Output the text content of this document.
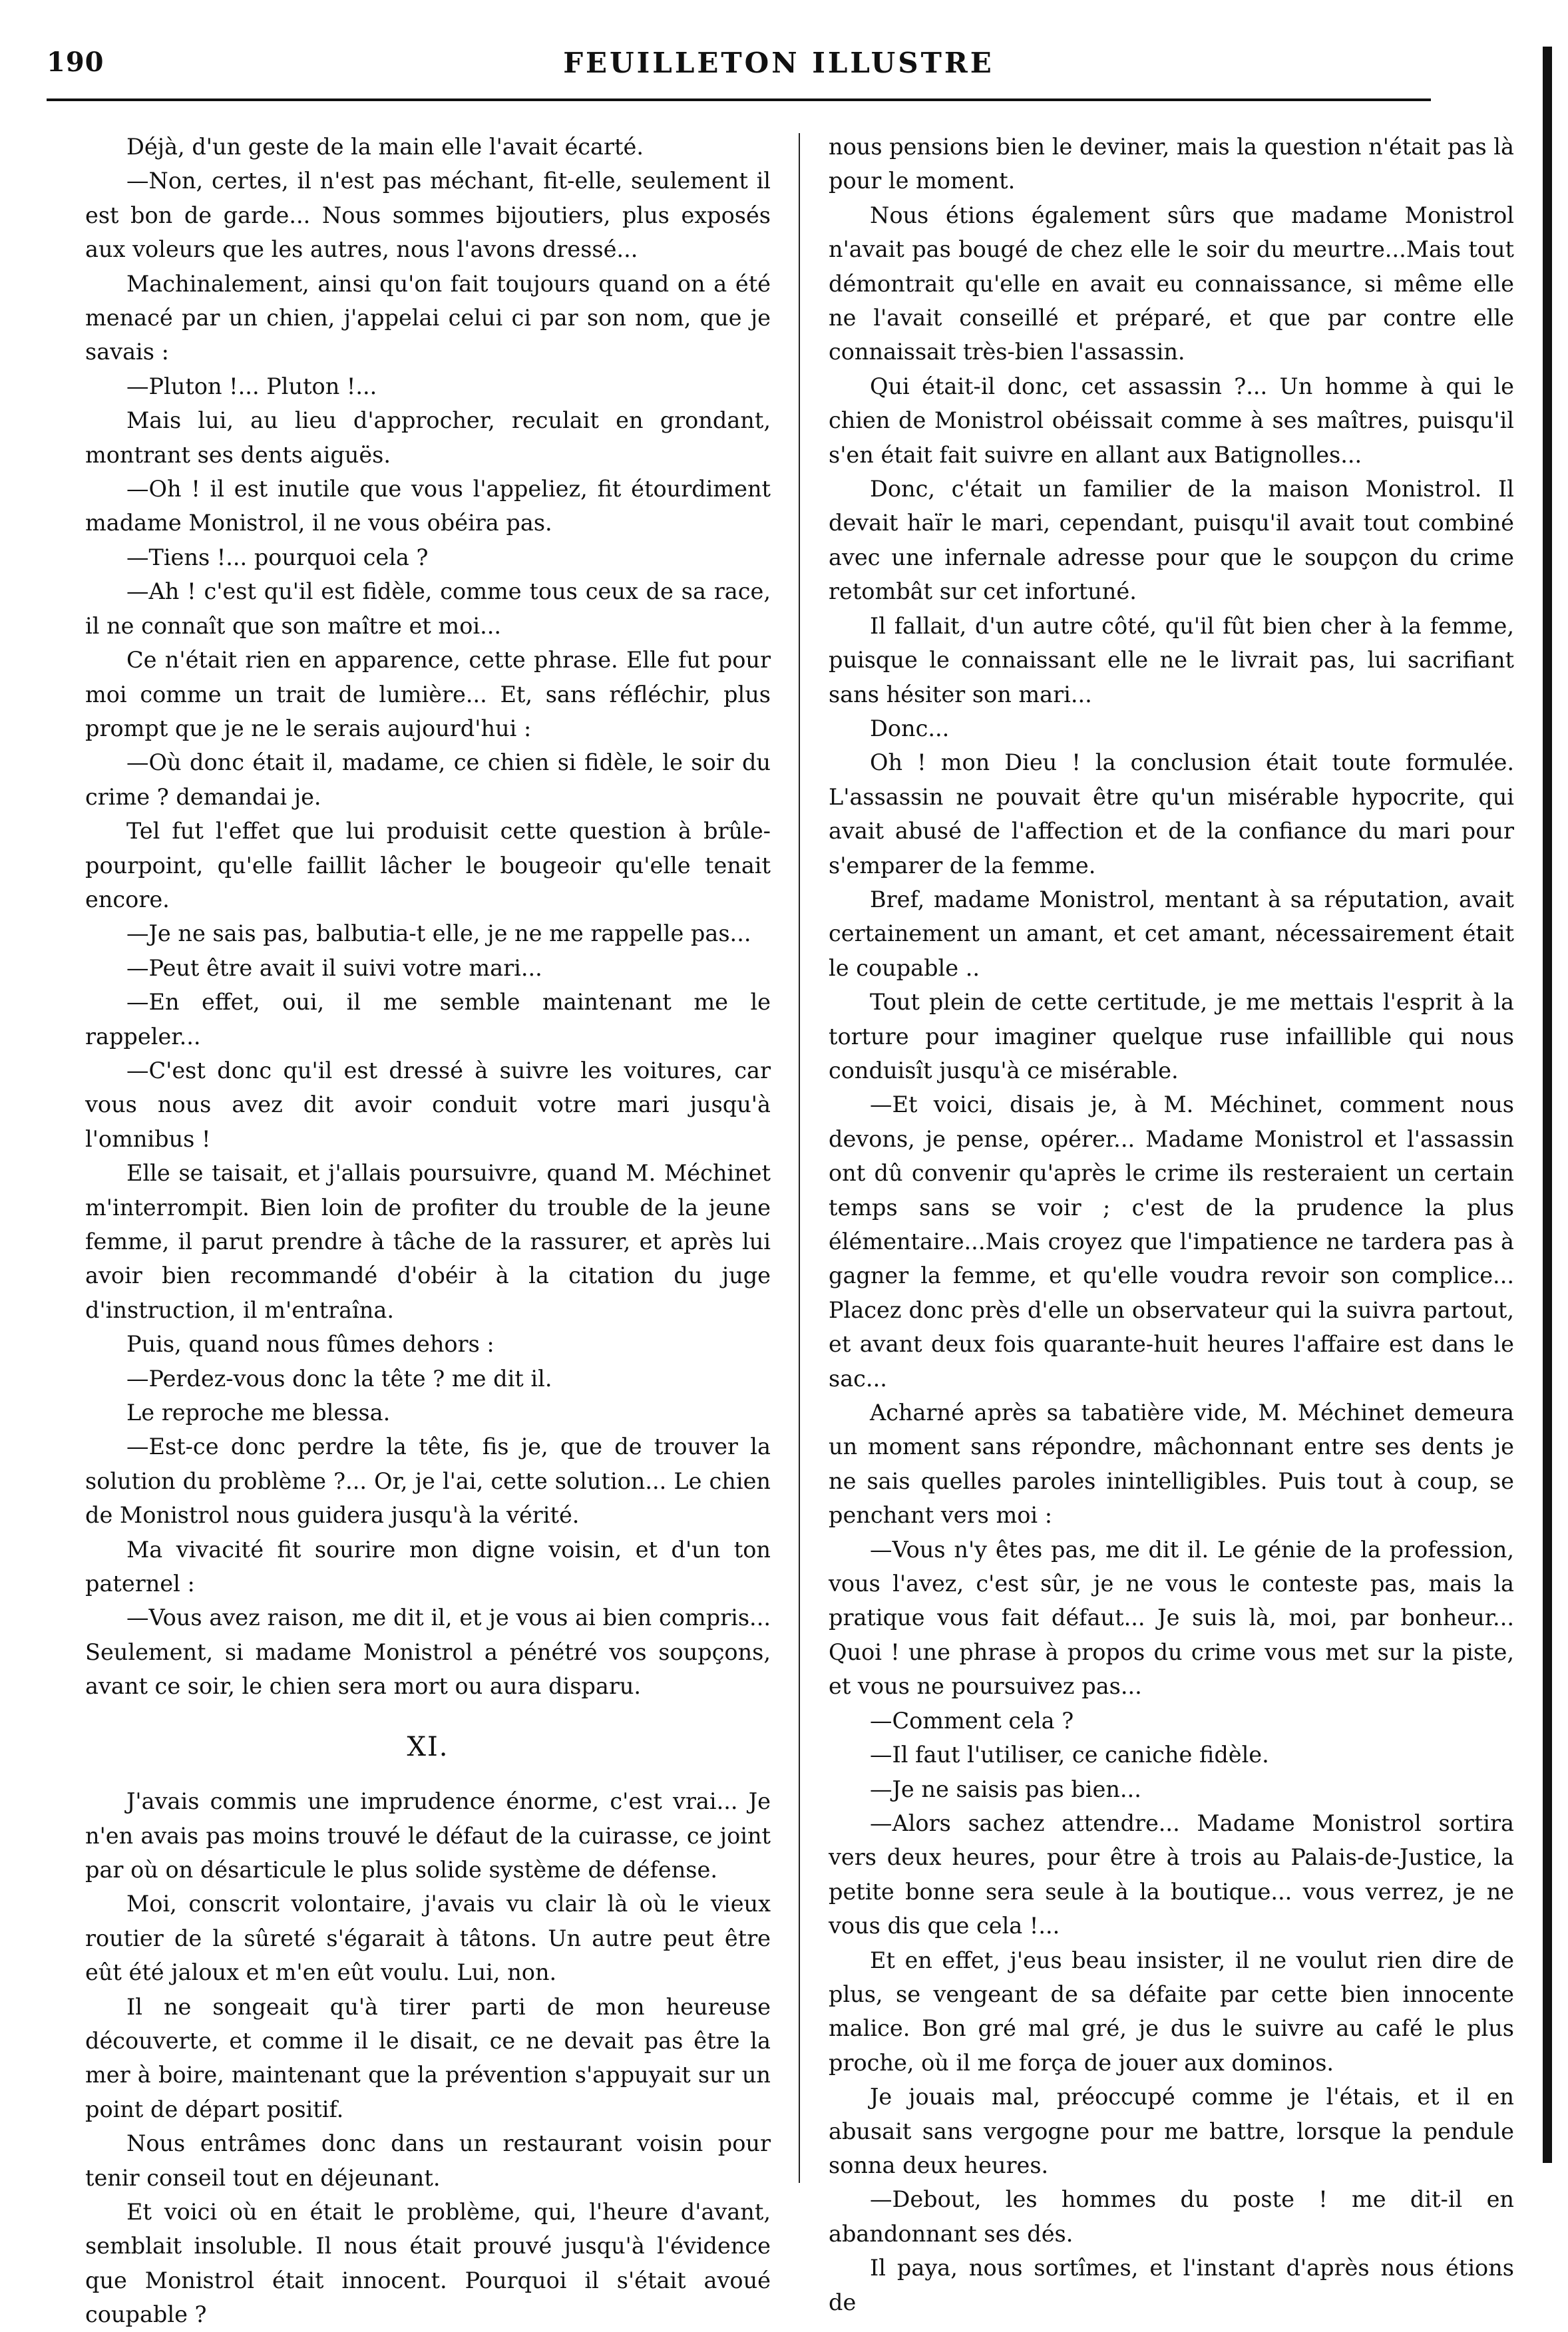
190	FEUILLETON ILLUSTRE

Déjà, d'un geste de la main elle l'avait écarté.

—Non, certes, il n'est pas méchant, fit-elle, seulement il est bon de garde... Nous sommes bijoutiers, plus exposés aux voleurs que les autres, nous l'avons dressé...

Machinalement, ainsi qu'on fait toujours quand on a été menacé par un chien, j'appelai celui ci par son nom, que je savais :

—Pluton !... Pluton !...

Mais lui, au lieu d'approcher, reculait en grondant, montrant ses dents aiguës.

—Oh ! il est inutile que vous l'appeliez, fit étourdiment madame Monistrol, il ne vous obéira pas.

—Tiens !... pourquoi cela ?

—Ah ! c'est qu'il est fidèle, comme tous ceux de sa race, il ne connaît que son maître et moi...

Ce n'était rien en apparence, cette phrase. Elle fut pour moi comme un trait de lumière... Et, sans réfléchir, plus prompt que je ne le serais aujourd'hui :

—Où donc était il, madame, ce chien si fidèle, le soir du crime ? demandai je.

Tel fut l'effet que lui produisit cette question à brûle-pourpoint, qu'elle faillit lâcher le bougeoir qu'elle tenait encore.

—Je ne sais pas, balbutia-t elle, je ne me rappelle pas...

—Peut être avait il suivi votre mari...

—En effet, oui, il me semble maintenant me le rappeler...

—C'est donc qu'il est dressé à suivre les voitures, car vous nous avez dit avoir conduit votre mari jusqu'à l'omnibus !

Elle se taisait, et j'allais poursuivre, quand M. Méchinet m'interrompit. Bien loin de profiter du trouble de la jeune femme, il parut prendre à tâche de la rassurer, et après lui avoir bien recommandé d'obéir à la citation du juge d'instruction, il m'entraîna.

Puis, quand nous fûmes dehors :

—Perdez-vous donc la tête ? me dit il.

Le reproche me blessa.

—Est-ce donc perdre la tête, fis je, que de trouver la solution du problème ?... Or, je l'ai, cette solution... Le chien de Monistrol nous guidera jusqu'à la vérité.

Ma vivacité fit sourire mon digne voisin, et d'un ton paternel :

—Vous avez raison, me dit il, et je vous ai bien compris... Seulement, si madame Monistrol a pénétré vos soupçons, avant ce soir, le chien sera mort ou aura disparu.

XI.

J'avais commis une imprudence énorme, c'est vrai... Je n'en avais pas moins trouvé le défaut de la cuirasse, ce joint par où on désarticule le plus solide système de défense.

Moi, conscrit volontaire, j'avais vu clair là où le vieux routier de la sûreté s'égarait à tâtons. Un autre peut être eût été jaloux et m'en eût voulu. Lui, non.

Il ne songeait qu'à tirer parti de mon heureuse découverte, et comme il le disait, ce ne devait pas être la mer à boire, maintenant que la prévention s'appuyait sur un point de départ positif.

Nous entrâmes donc dans un restaurant voisin pour tenir conseil tout en déjeunant.

Et voici où en était le problème, qui, l'heure d'avant, semblait insoluble. Il nous était prouvé jusqu'à l'évidence que Monistrol était innocent. Pourquoi il s'était avoué coupable ?

nous pensions bien le deviner, mais la question n'était pas là pour le moment.

Nous étions également sûrs que madame Monistrol n'avait pas bougé de chez elle le soir du meurtre...Mais tout démontrait qu'elle en avait eu connaissance, si même elle ne l'avait conseillé et préparé, et que par contre elle connaissait très-bien l'assassin.

Qui était-il donc, cet assassin ?... Un homme à qui le chien de Monistrol obéissait comme à ses maîtres, puisqu'il s'en était fait suivre en allant aux Batignolles...

Donc, c'était un familier de la maison Monistrol. Il devait haïr le mari, cependant, puisqu'il avait tout combiné avec une infernale adresse pour que le soupçon du crime retombât sur cet infortuné.

Il fallait, d'un autre côté, qu'il fût bien cher à la femme, puisque le connaissant elle ne le livrait pas, lui sacrifiant sans hésiter son mari...

Donc...

Oh ! mon Dieu ! la conclusion était toute formulée. L'assassin ne pouvait être qu'un misérable hypocrite, qui avait abusé de l'affection et de la confiance du mari pour s'emparer de la femme.

Bref, madame Monistrol, mentant à sa réputation, avait certainement un amant, et cet amant, nécessairement était le coupable ..

Tout plein de cette certitude, je me mettais l'esprit à la torture pour imaginer quelque ruse infaillible qui nous conduisît jusqu'à ce misérable.

—Et voici, disais je, à M. Méchinet, comment nous devons, je pense, opérer... Madame Monistrol et l'assassin ont dû convenir qu'après le crime ils resteraient un certain temps sans se voir ; c'est de la prudence la plus élémentaire...Mais croyez que l'impatience ne tardera pas à gagner la femme, et qu'elle voudra revoir son complice... Placez donc près d'elle un observateur qui la suivra partout, et avant deux fois quarante-huit heures l'affaire est dans le sac...

Acharné après sa tabatière vide, M. Méchinet demeura un moment sans répondre, mâchonnant entre ses dents je ne sais quelles paroles inintelligibles. Puis tout à coup, se penchant vers moi :

—Vous n'y êtes pas, me dit il. Le génie de la profession, vous l'avez, c'est sûr, je ne vous le conteste pas, mais la pratique vous fait défaut... Je suis là, moi, par bonheur... Quoi ! une phrase à propos du crime vous met sur la piste, et vous ne poursuivez pas...

—Comment cela ?

—Il faut l'utiliser, ce caniche fidèle.

—Je ne saisis pas bien...

—Alors sachez attendre... Madame Monistrol sortira vers deux heures, pour être à trois au Palais-de-Justice, la petite bonne sera seule à la boutique... vous verrez, je ne vous dis que cela !...

Et en effet, j'eus beau insister, il ne voulut rien dire de plus, se vengeant de sa défaite par cette bien innocente malice. Bon gré mal gré, je dus le suivre au café le plus proche, où il me força de jouer aux dominos.

Je jouais mal, préoccupé comme je l'étais, et il en abusait sans vergogne pour me battre, lorsque la pendule sonna deux heures.

—Debout, les hommes du poste ! me dit-il en abandonnant ses dés.

Il paya, nous sortîmes, et l'instant d'après nous étions de
